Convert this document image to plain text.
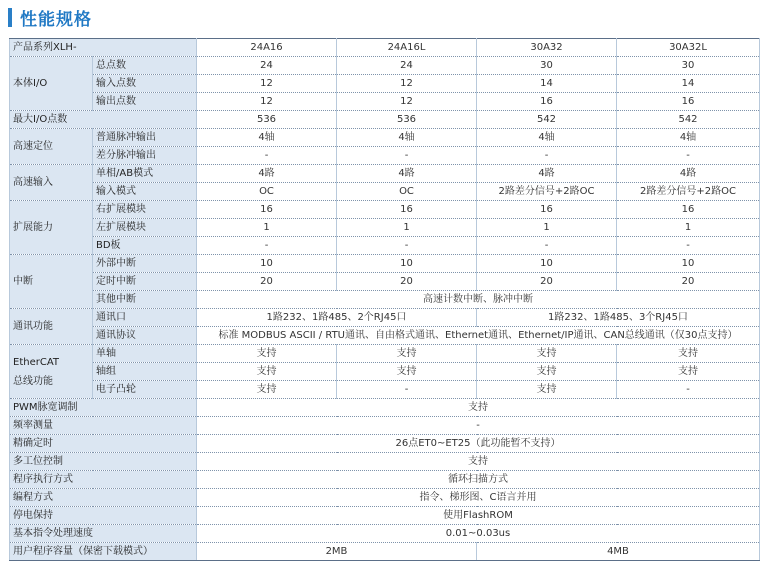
性能规格
产品系列XLH-		24A16	24A16L	30A32	30A32L
本体I/O	总点数	24	24	30	30
	输入点数	12	12	14	14
	输出点数	12	12	16	16
最大I/O点数		536	536	542	542
高速定位	普通脉冲输出	4轴	4轴	4轴	4轴
	差分脉冲输出	-	-	-	-
高速输入	单相/AB模式	4路	4路	4路	4路
	输入模式	OC	OC	2路差分信号+2路OC	2路差分信号+2路OC
扩展能力	右扩展模块	16	16	16	16
	左扩展模块	1	1	1	1
	BD板	-	-	-	-
中断	外部中断	10	10	10	10
	定时中断	20	20	20	20
	其他中断	高速计数中断、脉冲中断			
通讯功能	通讯口	1路232、1路485、2个RJ45口		1路232、1路485、3个RJ45口	
	通讯协议	标准 MODBUS ASCII / RTU通讯、自由格式通讯、Ethernet通讯、Ethernet/IP通讯、CAN总线通讯（仅30点支持）			

EtherCAT
总线功能	单轴	支持	支持	支持	支持
	轴组	支持	支持	支持	支持
	电子凸轮	支持	-	支持	-
PWM脉宽调制		支持			
频率测量		-			
精确定时		26点ET0~ET25（此功能暂不支持）			
多工位控制		支持			
程序执行方式		循环扫描方式			
编程方式		指令、梯形图、C语言并用			
停电保持		使用FlashROM			
基本指令处理速度		0.01~0.03us			
用户程序容量（保密下载模式）		2MB		4MB	
